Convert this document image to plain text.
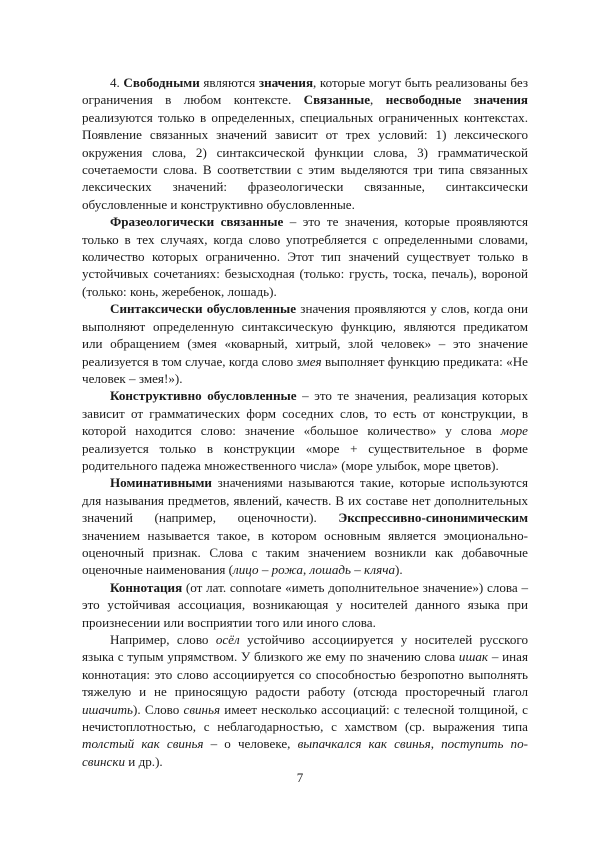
4. Свободными являются значения, которые могут быть реализованы без ограничения в любом контексте. Связанные, несвободные значения реализуются только в определенных, специальных ограниченных контекстах. Появление связанных значений зависит от трех условий: 1) лексического окружения слова, 2) синтаксической функции слова, 3) грамматической сочетаемости слова. В соответствии с этим выделяются три типа связанных лексических значений: фразеологически связанные, синтаксически обусловленные и конструктивно обусловленные.

Фразеологически связанные – это те значения, которые проявляются только в тех случаях, когда слово употребляется с определенными словами, количество которых ограниченно. Этот тип значений существует только в устойчивых сочетаниях: безысходная (только: грусть, тоска, печаль), вороной (только: конь, жеребенок, лошадь).

Синтаксически обусловленные значения проявляются у слов, когда они выполняют определенную синтаксическую функцию, являются предикатом или обращением (змея «коварный, хитрый, злой человек» – это значение реализуется в том случае, когда слово змея выполняет функцию предиката: «Не человек – змея!»).

Конструктивно обусловленные – это те значения, реализация которых зависит от грамматических форм соседних слов, то есть от конструкции, в которой находится слово: значение «большое количество» у слова море реализуется только в конструкции «море + существительное в форме родительного падежа множественного числа» (море улыбок, море цветов).

Номинативными значениями называются такие, которые используются для называния предметов, явлений, качеств. В их составе нет дополнительных значений (например, оценочности). Экспрессивно-синонимическим значением называется такое, в котором основным является эмоционально-оценочный признак. Слова с таким значением возникли как добавочные оценочные наименования (лицо – рожа, лошадь – кляча).

Коннотация (от лат. connotare «иметь дополнительное значение») слова – это устойчивая ассоциация, возникающая у носителей данного языка при произнесении или восприятии того или иного слова.

Например, слово осёл устойчиво ассоциируется у носителей русского языка с тупым упрямством. У близкого же ему по значению слова ишак – иная коннотация: это слово ассоциируется со способностью безропотно выполнять тяжелую и не приносящую радости работу (отсюда просторечный глагол ишачить). Слово свинья имеет несколько ассоциаций: с телесной толщиной, с нечистоплотностью, с неблагодарностью, с хамством (ср. выражения типа толстый как свинья – о человеке, выпачкался как свинья, поступить по-свински и др.).

7
